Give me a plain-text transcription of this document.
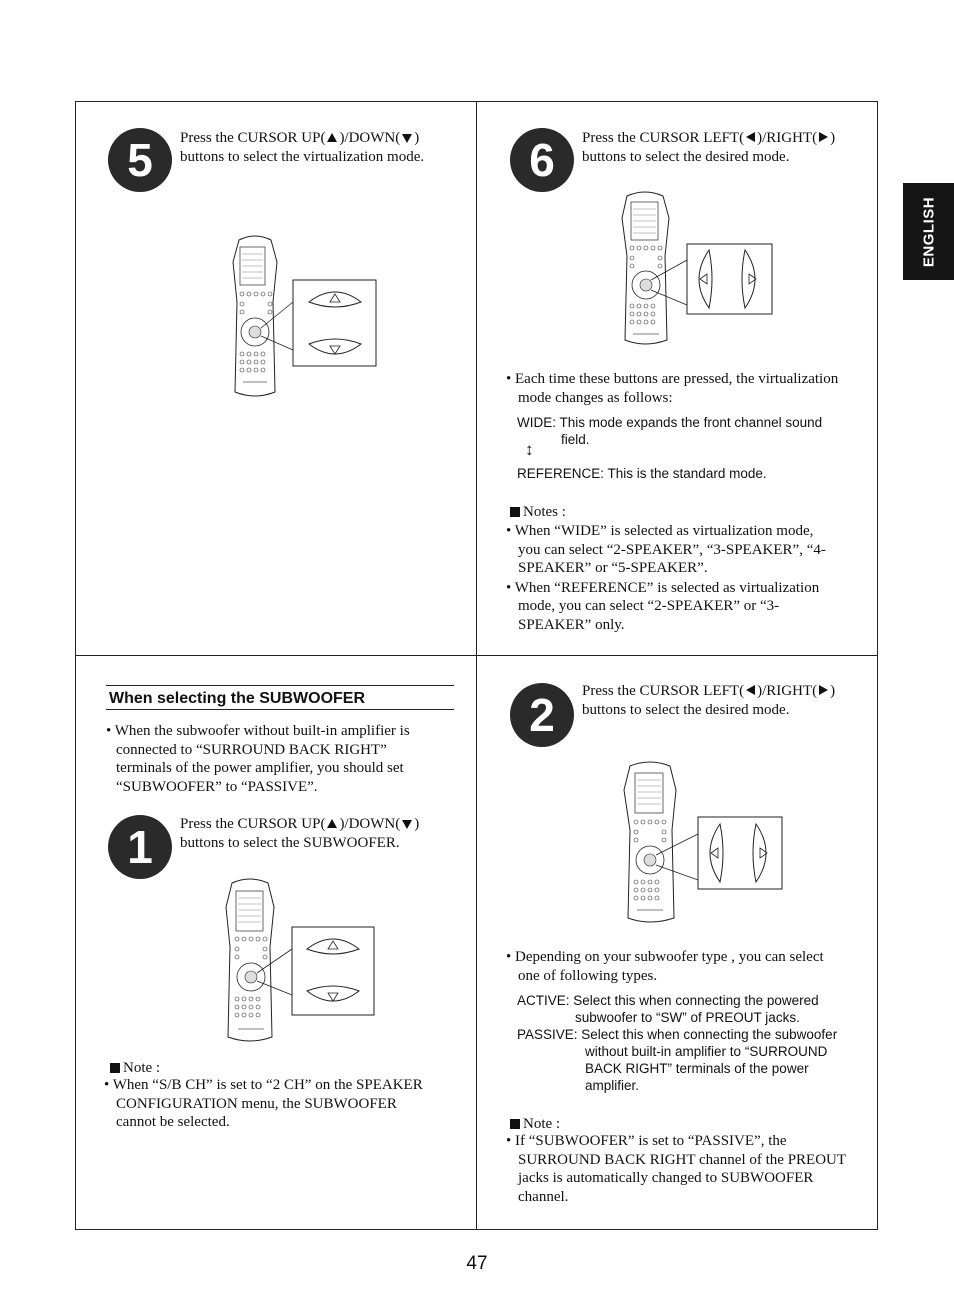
ENGLISH
5	Press the CURSOR UP( )/DOWN( )
buttons to select the virtualization mode.	6	Press the CURSOR LEFT( )/RIGHT( )
buttons to select the desired mode.
• Each time these buttons are pressed, the virtualization
mode changes as follows:
WIDE: This mode expands the front channel sound
field.
↕
REFERENCE: This is the standard mode.
Notes :
• When “WIDE” is selected as virtualization mode,
you can select “2-SPEAKER”, “3-SPEAKER”, “4-
SPEAKER” or “5-SPEAKER”.
• When “REFERENCE” is selected as virtualization
mode, you can select “2-SPEAKER” or “3-
SPEAKER” only.
When selecting the SUBWOOFER
• When the subwoofer without built-in amplifier is
connected to “SURROUND BACK RIGHT”
terminals of the power amplifier, you should set
“SUBWOOFER” to “PASSIVE”.
1	Press the CURSOR UP( )/DOWN( )
buttons to select the SUBWOOFER.
Note :
• When “S/B CH” is set to “2 CH” on the SPEAKER
CONFIGURATION menu, the SUBWOOFER
cannot be selected.
2	Press the CURSOR LEFT( )/RIGHT( )
buttons to select the desired mode.
• Depending on your subwoofer type , you can select
one of following types.
ACTIVE: Select this when connecting the powered
subwoofer to “SW” of PREOUT jacks.
PASSIVE: Select this when connecting the subwoofer
without built-in amplifier to “SURROUND
BACK RIGHT” terminals of the power
amplifier.
Note :
• If “SUBWOOFER” is set to “PASSIVE”, the
SURROUND BACK RIGHT channel of the PREOUT
jacks is automatically changed to SUBWOOFER
channel.
47
